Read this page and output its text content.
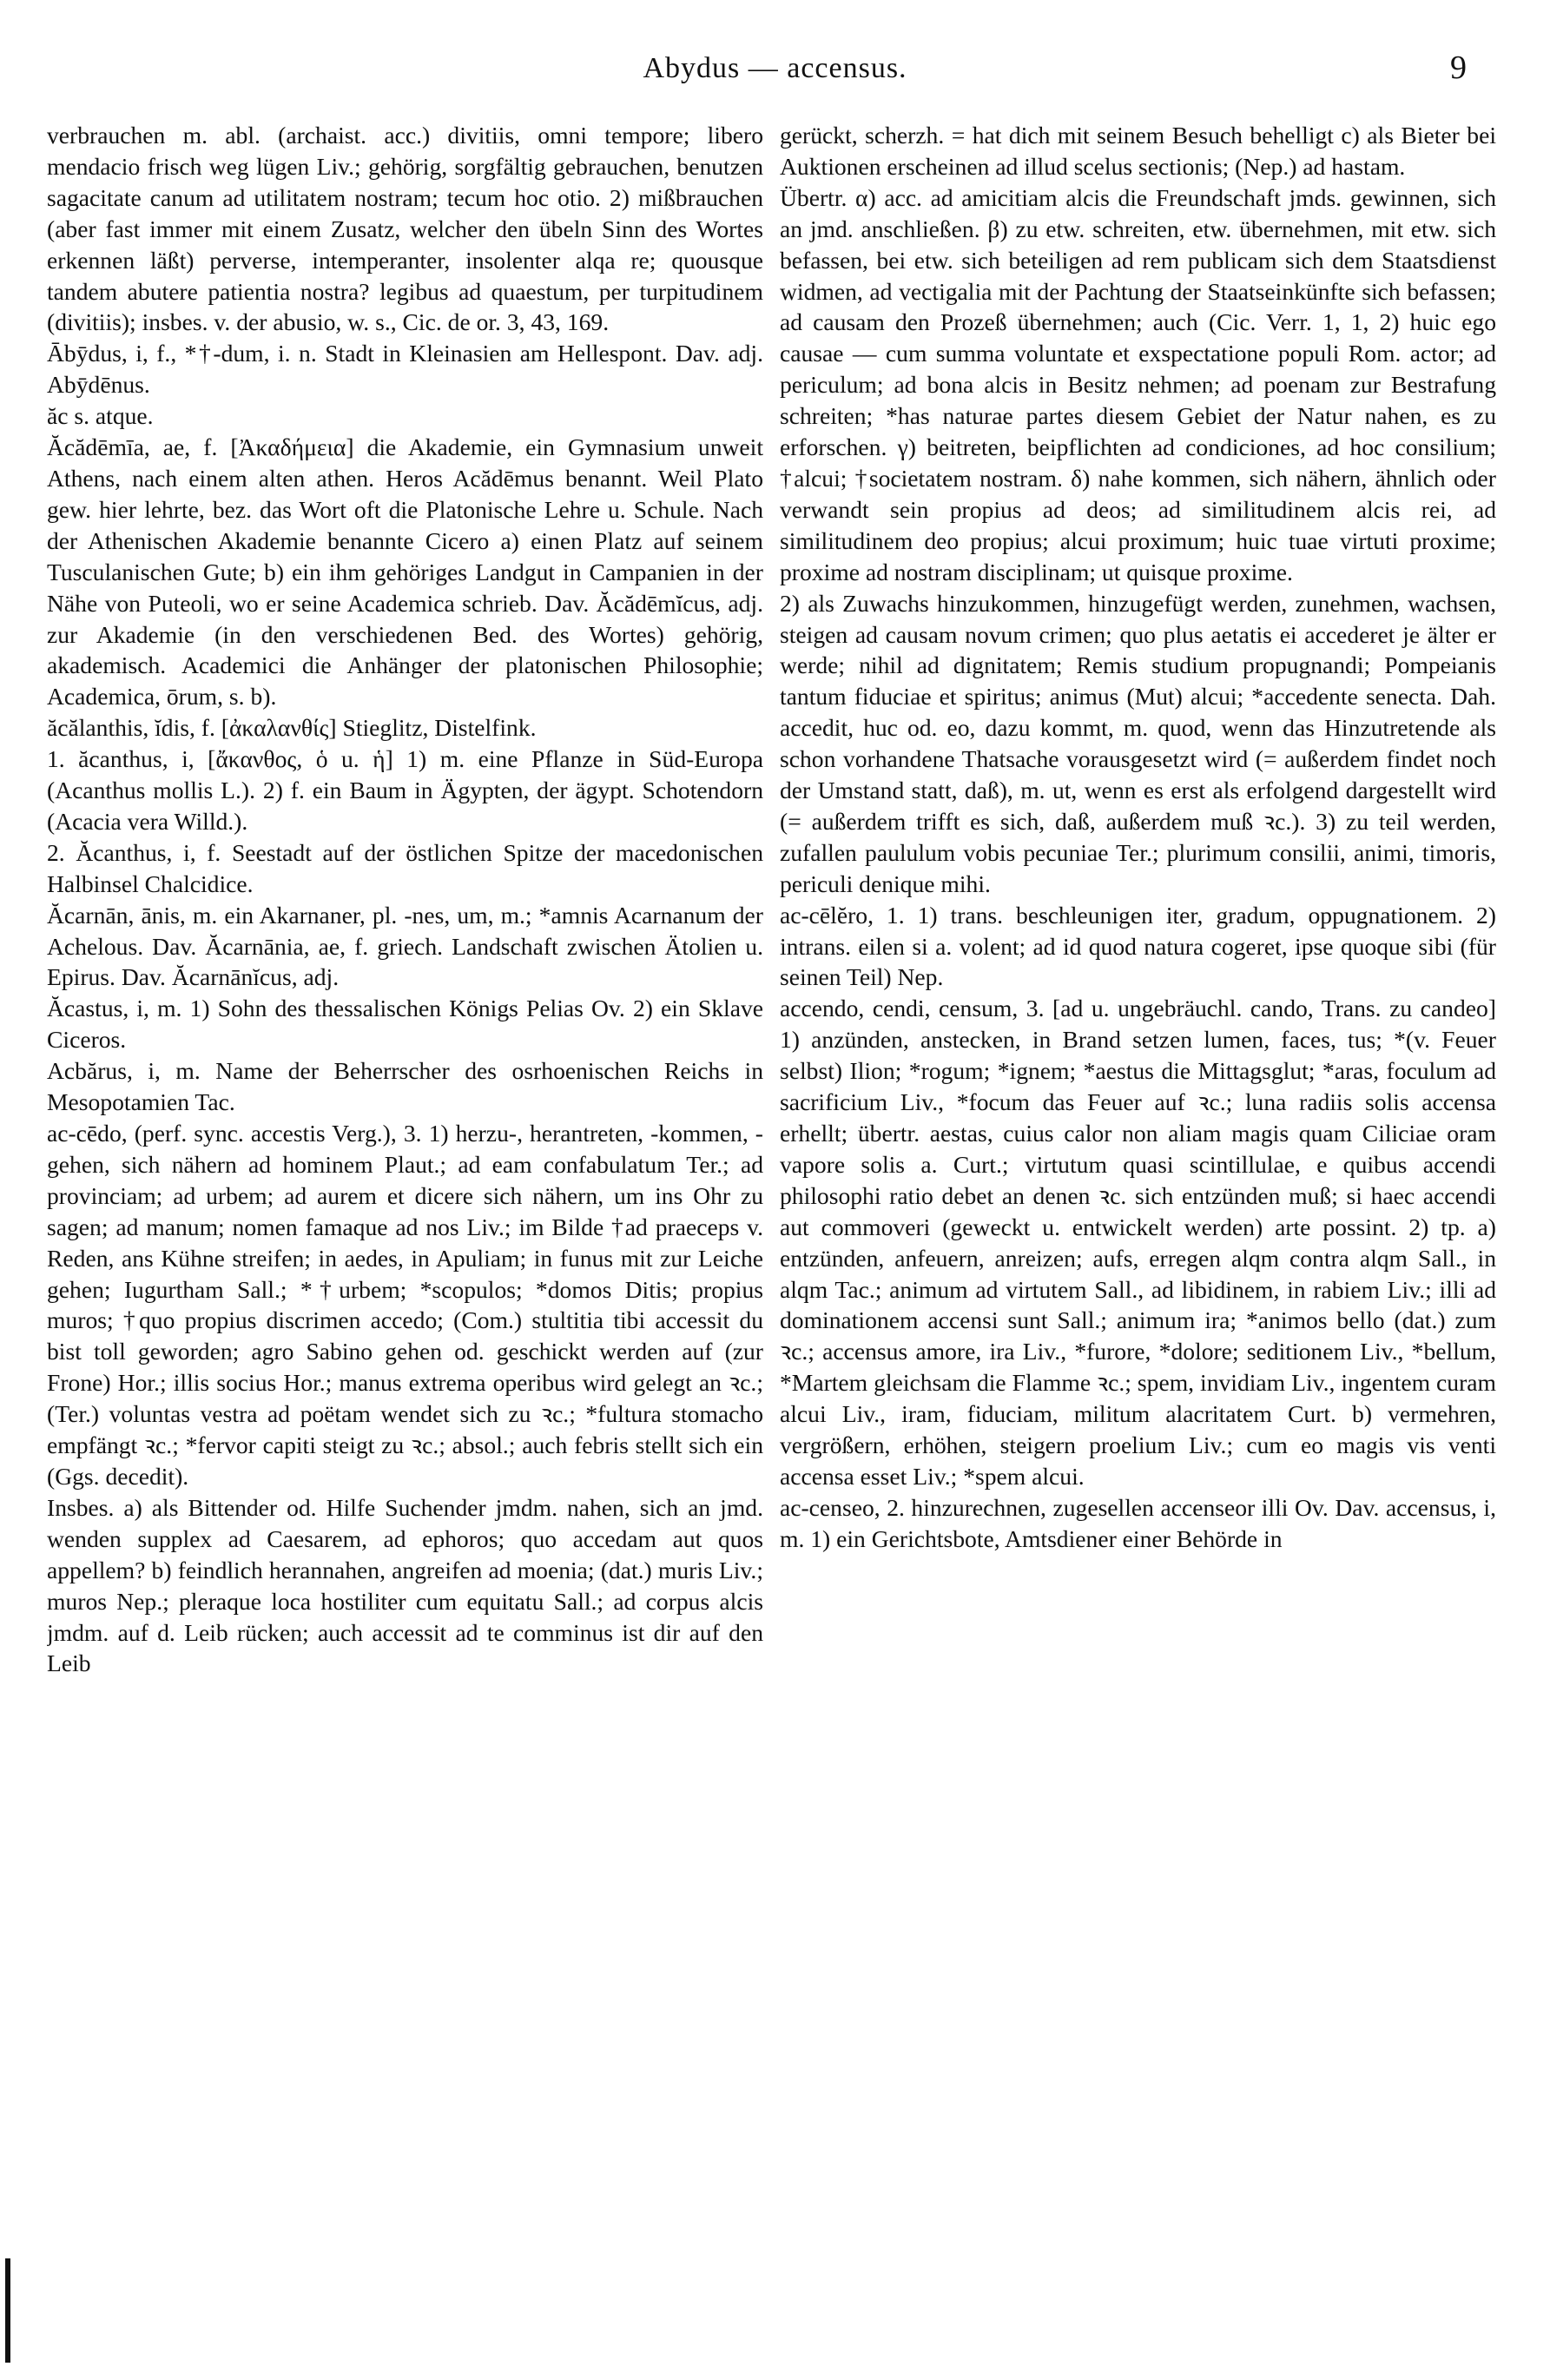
Abydus — accensus.	9

verbrauchen m. abl. (archaist. acc.) divitiis, omni tempore; libero mendacio frisch weg lügen Liv.; gehörig, sorgfältig gebrauchen, benutzen sagacitate canum ad utilitatem nostram; tecum hoc otio. 2) mißbrauchen (aber fast immer mit einem Zusatz, welcher den übeln Sinn des Wortes erkennen läßt) perverse, intemperanter, insolenter alqa re; quousque tandem abutere patientia nostra? legibus ad quaestum, per turpitudinem (divitiis); insbes. v. der abusio, w. s., Cic. de or. 3, 43, 169.

Ābȳdus, i, f., *†-dum, i. n. Stadt in Kleinasien am Hellespont. Dav. adj. Abȳdēnus.

ăc s. atque.

Ăcădēmīa, ae, f. [Ἀκαδήμεια] die Akademie, ein Gymnasium unweit Athens, nach einem alten athen. Heros Acădēmus benannt. Weil Plato gew. hier lehrte, bez. das Wort oft die Platonische Lehre u. Schule. Nach der Athenischen Akademie benannte Cicero a) einen Platz auf seinem Tusculanischen Gute; b) ein ihm gehöriges Landgut in Campanien in der Nähe von Puteoli, wo er seine Academica schrieb. Dav. Ăcădēmĭcus, adj. zur Akademie (in den verschiedenen Bed. des Wortes) gehörig, akademisch. Academici die Anhänger der platonischen Philosophie; Academica, ōrum, s. b).

ăcălanthis, ĭdis, f. [ἀκαλανθίς] Stieglitz, Distelfink.

1. ăcanthus, i, [ἄκανθος, ὁ u. ἡ] 1) m. eine Pflanze in Süd-Europa (Acanthus mollis L.). 2) f. ein Baum in Ägypten, der ägypt. Schotendorn (Acacia vera Willd.).

2. Ăcanthus, i, f. Seestadt auf der östlichen Spitze der macedonischen Halbinsel Chalcidice.

Ăcarnān, ānis, m. ein Akarnaner, pl. -nes, um, m.; *amnis Acarnanum der Achelous. Dav. Ăcarnānia, ae, f. griech. Landschaft zwischen Ätolien u. Epirus. Dav. Ăcarnānĭcus, adj.

Ăcastus, i, m. 1) Sohn des thessalischen Königs Pelias Ov. 2) ein Sklave Ciceros.

Acbărus, i, m. Name der Beherrscher des osrhoenischen Reichs in Mesopotamien Tac.

ac-cēdo, (perf. sync. accestis Verg.), 3. 1) herzu-, herantreten, -kommen, -gehen, sich nähern ad hominem Plaut.; ad eam confabulatum Ter.; ad provinciam; ad urbem; ad aurem et dicere sich nähern, um ins Ohr zu sagen; ad manum; nomen famaque ad nos Liv.; im Bilde †ad praeceps v. Reden, ans Kühne streifen; in aedes, in Apuliam; in funus mit zur Leiche gehen; Iugurtham Sall.; *†urbem; *scopulos; *domos Ditis; propius muros; †quo propius discrimen accedo; (Com.) stultitia tibi accessit du bist toll geworden; agro Sabino gehen od. geschickt werden auf (zur Frone) Hor.; illis socius Hor.; manus extrema operibus wird gelegt an ꝛc.; (Ter.) voluntas vestra ad poëtam wendet sich zu ꝛc.; *fultura stomacho empfängt ꝛc.; *fervor capiti steigt zu ꝛc.; absol.; auch febris stellt sich ein (Ggs. decedit).

Insbes. a) als Bittender od. Hilfe Suchender jmdm. nahen, sich an jmd. wenden supplex ad Caesarem, ad ephoros; quo accedam aut quos appellem? b) feindlich herannahen, angreifen ad moenia; (dat.) muris Liv.; muros Nep.; pleraque loca hostiliter cum equitatu Sall.; ad corpus alcis jmdm. auf d. Leib rücken; auch accessit ad te comminus ist dir auf den Leib

gerückt, scherzh. = hat dich mit seinem Besuch behelligt c) als Bieter bei Auktionen erscheinen ad illud scelus sectionis; (Nep.) ad hastam.

Übertr. α) acc. ad amicitiam alcis die Freundschaft jmds. gewinnen, sich an jmd. anschließen. β) zu etw. schreiten, etw. übernehmen, mit etw. sich befassen, bei etw. sich beteiligen ad rem publicam sich dem Staatsdienst widmen, ad vectigalia mit der Pachtung der Staatseinkünfte sich befassen; ad causam den Prozeß übernehmen; auch (Cic. Verr. 1, 1, 2) huic ego causae — cum summa voluntate et exspectatione populi Rom. actor; ad periculum; ad bona alcis in Besitz nehmen; ad poenam zur Bestrafung schreiten; *has naturae partes diesem Gebiet der Natur nahen, es zu erforschen. γ) beitreten, beipflichten ad condiciones, ad hoc consilium; †alcui; †societatem nostram. δ) nahe kommen, sich nähern, ähnlich oder verwandt sein propius ad deos; ad similitudinem alcis rei, ad similitudinem deo propius; alcui proximum; huic tuae virtuti proxime; proxime ad nostram disciplinam; ut quisque proxime.

2) als Zuwachs hinzukommen, hinzugefügt werden, zunehmen, wachsen, steigen ad causam novum crimen; quo plus aetatis ei accederet je älter er werde; nihil ad dignitatem; Remis studium propugnandi; Pompeianis tantum fiduciae et spiritus; animus (Mut) alcui; *accedente senecta. Dah. accedit, huc od. eo, dazu kommt, m. quod, wenn das Hinzutretende als schon vorhandene Thatsache vorausgesetzt wird (= außerdem findet noch der Umstand statt, daß), m. ut, wenn es erst als erfolgend dargestellt wird (= außerdem trifft es sich, daß, außerdem muß ꝛc.). 3) zu teil werden, zufallen paululum vobis pecuniae Ter.; plurimum consilii, animi, timoris, periculi denique mihi.

ac-cēlĕro, 1. 1) trans. beschleunigen iter, gradum, oppugnationem. 2) intrans. eilen si a. volent; ad id quod natura cogeret, ipse quoque sibi (für seinen Teil) Nep.

accendo, cendi, censum, 3. [ad u. ungebräuchl. cando, Trans. zu candeo] 1) anzünden, anstecken, in Brand setzen lumen, faces, tus; *(v. Feuer selbst) Ilion; *rogum; *ignem; *aestus die Mittagsglut; *aras, foculum ad sacrificium Liv., *focum das Feuer auf ꝛc.; luna radiis solis accensa erhellt; übertr. aestas, cuius calor non aliam magis quam Ciliciae oram vapore solis a. Curt.; virtutum quasi scintillulae, e quibus accendi philosophi ratio debet an denen ꝛc. sich entzünden muß; si haec accendi aut commoveri (geweckt u. entwickelt werden) arte possint. 2) tp. a) entzünden, anfeuern, anreizen; aufs, erregen alqm contra alqm Sall., in alqm Tac.; animum ad virtutem Sall., ad libidinem, in rabiem Liv.; illi ad dominationem accensi sunt Sall.; animum ira; *animos bello (dat.) zum ꝛc.; accensus amore, ira Liv., *furore, *dolore; seditionem Liv., *bellum, *Martem gleichsam die Flamme ꝛc.; spem, invidiam Liv., ingentem curam alcui Liv., iram, fiduciam, militum alacritatem Curt. b) vermehren, vergrößern, erhöhen, steigern proelium Liv.; cum eo magis vis venti accensa esset Liv.; *spem alcui.

ac-censeo, 2. hinzurechnen, zugesellen accenseor illi Ov. Dav. accensus, i, m. 1) ein Gerichtsbote, Amtsdiener einer Behörde in
